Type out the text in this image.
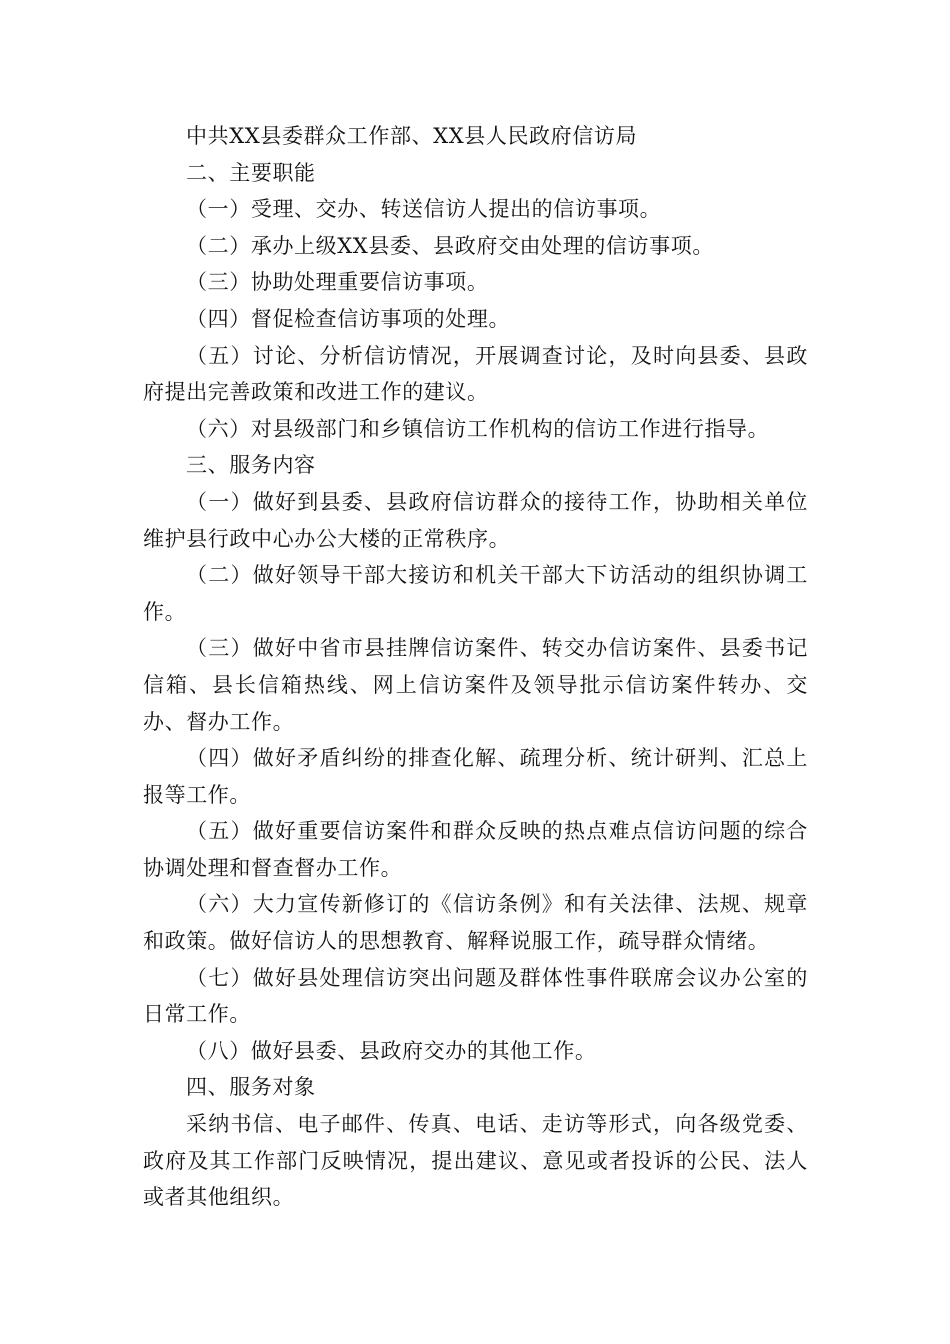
中共XX县委群众工作部、XX县人民政府信访局

二、主要职能

（一）受理、交办、转送信访人提出的信访事项。

（二）承办上级XX县委、县政府交由处理的信访事项。

（三）协助处理重要信访事项。

（四）督促检查信访事项的处理。

（五）讨论、分析信访情况，开展调查讨论，及时向县委、县政府提出完善政策和改进工作的建议。

（六）对县级部门和乡镇信访工作机构的信访工作进行指导。

三、服务内容

（一）做好到县委、县政府信访群众的接待工作，协助相关单位维护县行政中心办公大楼的正常秩序。

（二）做好领导干部大接访和机关干部大下访活动的组织协调工作。

（三）做好中省市县挂牌信访案件、转交办信访案件、县委书记信箱、县长信箱热线、网上信访案件及领导批示信访案件转办、交办、督办工作。

（四）做好矛盾纠纷的排查化解、疏理分析、统计研判、汇总上报等工作。

（五）做好重要信访案件和群众反映的热点难点信访问题的综合协调处理和督查督办工作。

（六）大力宣传新修订的《信访条例》和有关法律、法规、规章和政策。做好信访人的思想教育、解释说服工作，疏导群众情绪。

（七）做好县处理信访突出问题及群体性事件联席会议办公室的日常工作。

（八）做好县委、县政府交办的其他工作。

四、服务对象

采纳书信、电子邮件、传真、电话、走访等形式，向各级党委、政府及其工作部门反映情况，提出建议、意见或者投诉的公民、法人或者其他组织。
